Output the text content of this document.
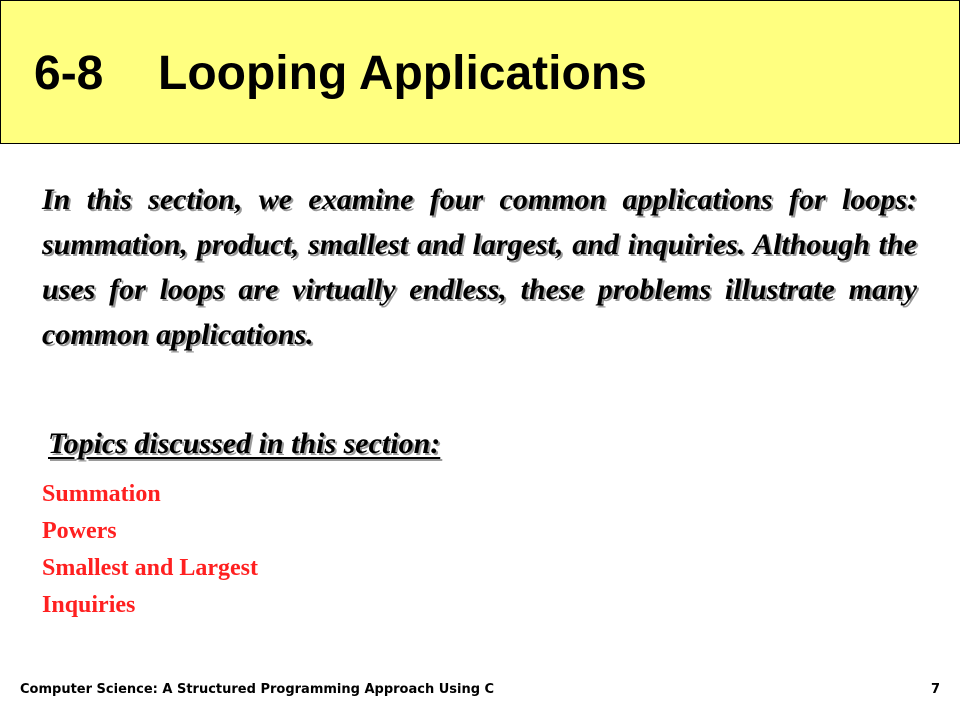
6-8 Looping Applications

In this section, we examine four common applications for loops: summation, product, smallest and largest, and inquiries. Although the uses for loops are virtually endless, these problems illustrate many common applications.

Topics discussed in this section:
Summation
Powers
Smallest and Largest
Inquiries
Computer Science: A Structured Programming Approach Using C	7
